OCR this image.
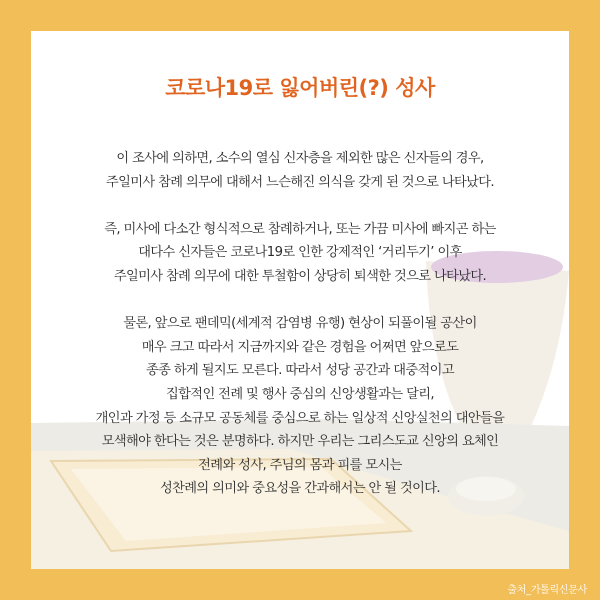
코로나19로 잃어버린(?) 성사

이 조사에 의하면, 소수의 열심 신자층을 제외한 많은 신자들의 경우,
주일미사 참례 의무에 대해서 느슨해진 의식을 갖게 된 것으로 나타났다.

즉, 미사에 다소간 형식적으로 참례하거나, 또는 가끔 미사에 빠지곤 하는
대다수 신자들은 코로나19로 인한 강제적인 ‘거리두기’ 이후
주일미사 참례 의무에 대한 투철함이 상당히 퇴색한 것으로 나타났다.

물론, 앞으로 팬데믹(세계적 감염병 유행) 현상이 되풀이될 공산이
매우 크고 따라서 지금까지와 같은 경험을 어쩌면 앞으로도
종종 하게 될지도 모른다. 따라서 성당 공간과 대중적이고
집합적인 전례 및 행사 중심의 신앙생활과는 달리,
개인과 가정 등 소규모 공동체를 중심으로 하는 일상적 신앙실천의 대안들을
모색해야 한다는 것은 분명하다. 하지만 우리는 그리스도교 신앙의 요체인
전례와 성사, 주님의 몸과 피를 모시는
성찬례의 의미와 중요성을 간과해서는 안 될 것이다.

출처_가톨릭신문사
